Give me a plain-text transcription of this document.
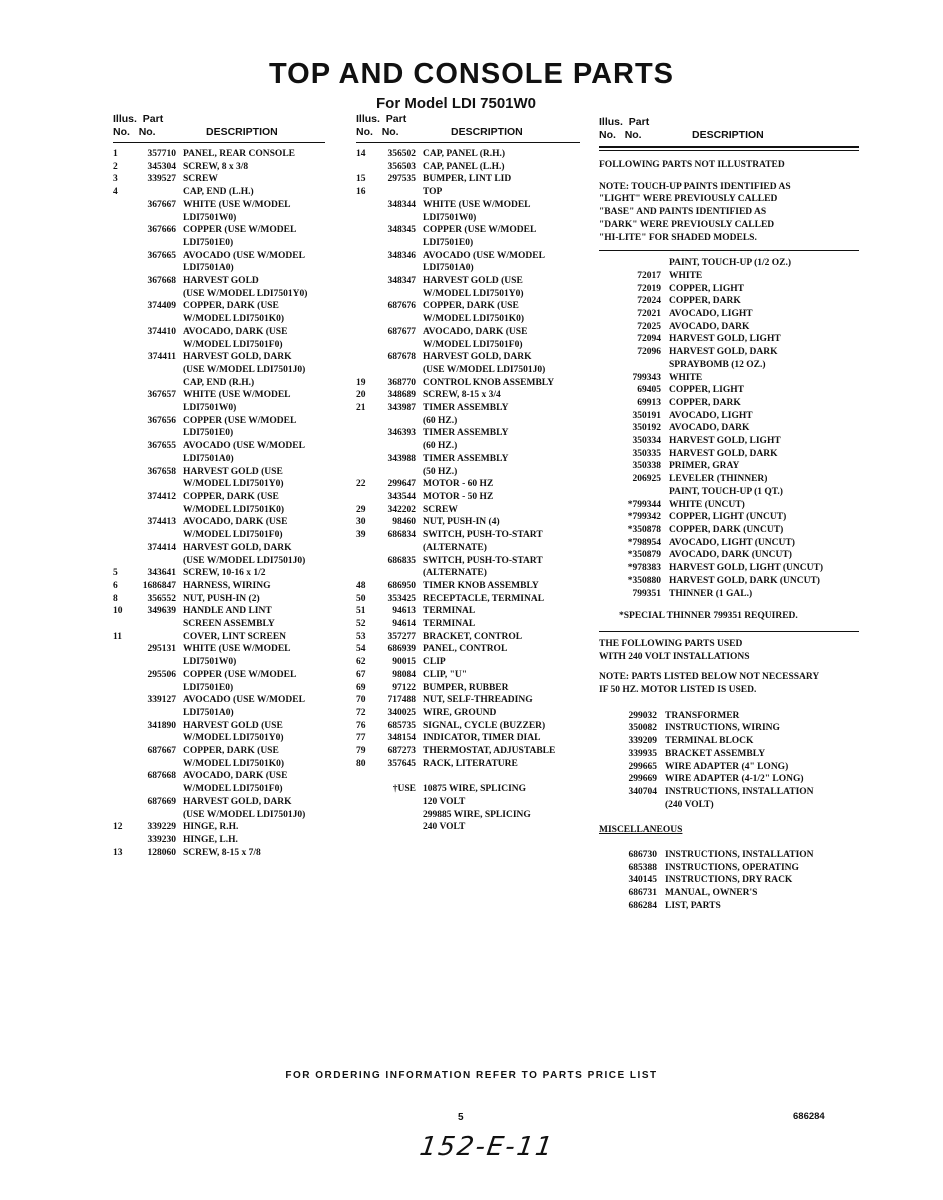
TOP AND CONSOLE PARTS
For Model LDI 7501W0
Illus. Part
No. No.	DESCRIPTION
1	357710 PANEL, REAR CONSOLE
2	345304 SCREW, 8 x 3/8
3	339527 SCREW
4	CAP, END (L.H.)
367667 WHITE (USE W/MODEL
LDI7501W0)
367666 COPPER (USE W/MODEL
LDI7501E0)
367665 AVOCADO (USE W/MODEL
LDI7501A0)
367668 HARVEST GOLD
(USE W/MODEL LDI7501Y0)
374409 COPPER, DARK (USE
W/MODEL LDI7501K0)
374410 AVOCADO, DARK (USE
W/MODEL LDI7501F0)
374411 HARVEST GOLD, DARK
(USE W/MODEL LDI7501J0)
CAP, END (R.H.)
367657 WHITE (USE W/MODEL
LDI7501W0)
367656 COPPER (USE W/MODEL
LDI7501E0)
367655 AVOCADO (USE W/MODEL
LDI7501A0)
367658 HARVEST GOLD (USE
W/MODEL LDI7501Y0)
374412 COPPER, DARK (USE
W/MODEL LDI7501K0)
374413 AVOCADO, DARK (USE
W/MODEL LDI7501F0)
374414 HARVEST GOLD, DARK
(USE W/MODEL LDI7501J0)
5	343641 SCREW, 10-16 x 1/2
6	1686847 HARNESS, WIRING
8	356552 NUT, PUSH-IN (2)
10	349639 HANDLE AND LINT
SCREEN ASSEMBLY
11	COVER, LINT SCREEN
295131 WHITE (USE W/MODEL
LDI7501W0)
295506 COPPER (USE W/MODEL
LDI7501E0)
339127 AVOCADO (USE W/MODEL
LDI7501A0)
341890 HARVEST GOLD (USE
W/MODEL LDI7501Y0)
687667 COPPER, DARK (USE
W/MODEL LDI7501K0)
687668 AVOCADO, DARK (USE
W/MODEL LDI7501F0)
687669 HARVEST GOLD, DARK
(USE W/MODEL LDI7501J0)
12	339229 HINGE, R.H.
339230 HINGE, L.H.
13	128060 SCREW, 8-15 x 7/8
Illus. Part
No. No.	DESCRIPTION
14	356502 CAP, PANEL (R.H.)
356503 CAP, PANEL (L.H.)
15	297535 BUMPER, LINT LID
16	TOP
348344 WHITE (USE W/MODEL
LDI7501W0)
348345 COPPER (USE W/MODEL
LDI7501E0)
348346 AVOCADO (USE W/MODEL
LDI7501A0)
348347 HARVEST GOLD (USE
W/MODEL LDI7501Y0)
687676 COPPER, DARK (USE
W/MODEL LDI7501K0)
687677 AVOCADO, DARK (USE
W/MODEL LDI7501F0)
687678 HARVEST GOLD, DARK
(USE W/MODEL LDI7501J0)
19	368770 CONTROL KNOB ASSEMBLY
20	348689 SCREW, 8-15 x 3/4
21	343987 TIMER ASSEMBLY
(60 HZ.)
346393 TIMER ASSEMBLY
(60 HZ.)
343988 TIMER ASSEMBLY
(50 HZ.)
22	299647 MOTOR - 60 HZ
343544 MOTOR - 50 HZ
29	342202 SCREW
30	98460 NUT, PUSH-IN (4)
39	686834 SWITCH, PUSH-TO-START
(ALTERNATE)
686835 SWITCH, PUSH-TO-START
(ALTERNATE)
48	686950 TIMER KNOB ASSEMBLY
50	353425 RECEPTACLE, TERMINAL
51	94613 TERMINAL
52	94614 TERMINAL
53	357277 BRACKET, CONTROL
54	686939 PANEL, CONTROL
62	90015 CLIP
67	98084 CLIP, "U"
69	97122 BUMPER, RUBBER
70	717488 NUT, SELF-THREADING
72	340025 WIRE, GROUND
76	685735 SIGNAL, CYCLE (BUZZER)
77	348154 INDICATOR, TIMER DIAL
79	687273 THERMOSTAT, ADJUSTABLE
80	357645 RACK, LITERATURE
†USE 10875 WIRE, SPLICING
120 VOLT
299885 WIRE, SPLICING
240 VOLT
Illus. Part
No. No.	DESCRIPTION
FOLLOWING PARTS NOT ILLUSTRATED
NOTE: TOUCH-UP PAINTS IDENTIFIED AS
"LIGHT" WERE PREVIOUSLY CALLED
"BASE" AND PAINTS IDENTIFIED AS
"DARK" WERE PREVIOUSLY CALLED
"HI-LITE" FOR SHADED MODELS.
PAINT, TOUCH-UP (1/2 OZ.)
72017 WHITE
72019 COPPER, LIGHT
72024 COPPER, DARK
72021 AVOCADO, LIGHT
72025 AVOCADO, DARK
72094 HARVEST GOLD, LIGHT
72096 HARVEST GOLD, DARK
SPRAYBOMB (12 OZ.)
799343 WHITE
69405 COPPER, LIGHT
69913 COPPER, DARK
350191 AVOCADO, LIGHT
350192 AVOCADO, DARK
350334 HARVEST GOLD, LIGHT
350335 HARVEST GOLD, DARK
350338 PRIMER, GRAY
206925 LEVELER (THINNER)
PAINT, TOUCH-UP (1 QT.)
*799344 WHITE (UNCUT)
*799342 COPPER, LIGHT (UNCUT)
*350878 COPPER, DARK (UNCUT)
*798954 AVOCADO, LIGHT (UNCUT)
*350879 AVOCADO, DARK (UNCUT)
*978383 HARVEST GOLD, LIGHT (UNCUT)
*350880 HARVEST GOLD, DARK (UNCUT)
799351 THINNER (1 GAL.)
*SPECIAL THINNER 799351 REQUIRED.
THE FOLLOWING PARTS USED
WITH 240 VOLT INSTALLATIONS
NOTE: PARTS LISTED BELOW NOT NECESSARY
IF 50 HZ. MOTOR LISTED IS USED.
299032 TRANSFORMER
350082 INSTRUCTIONS, WIRING
339209 TERMINAL BLOCK
339935 BRACKET ASSEMBLY
299665 WIRE ADAPTER (4" LONG)
299669 WIRE ADAPTER (4-1/2" LONG)
340704 INSTRUCTIONS, INSTALLATION
(240 VOLT)
MISCELLANEOUS
686730 INSTRUCTIONS, INSTALLATION
685388 INSTRUCTIONS, OPERATING
340145 INSTRUCTIONS, DRY RACK
686731 MANUAL, OWNER'S
686284 LIST, PARTS
FOR ORDERING INFORMATION REFER TO PARTS PRICE LIST
5	686284
152-E-11
